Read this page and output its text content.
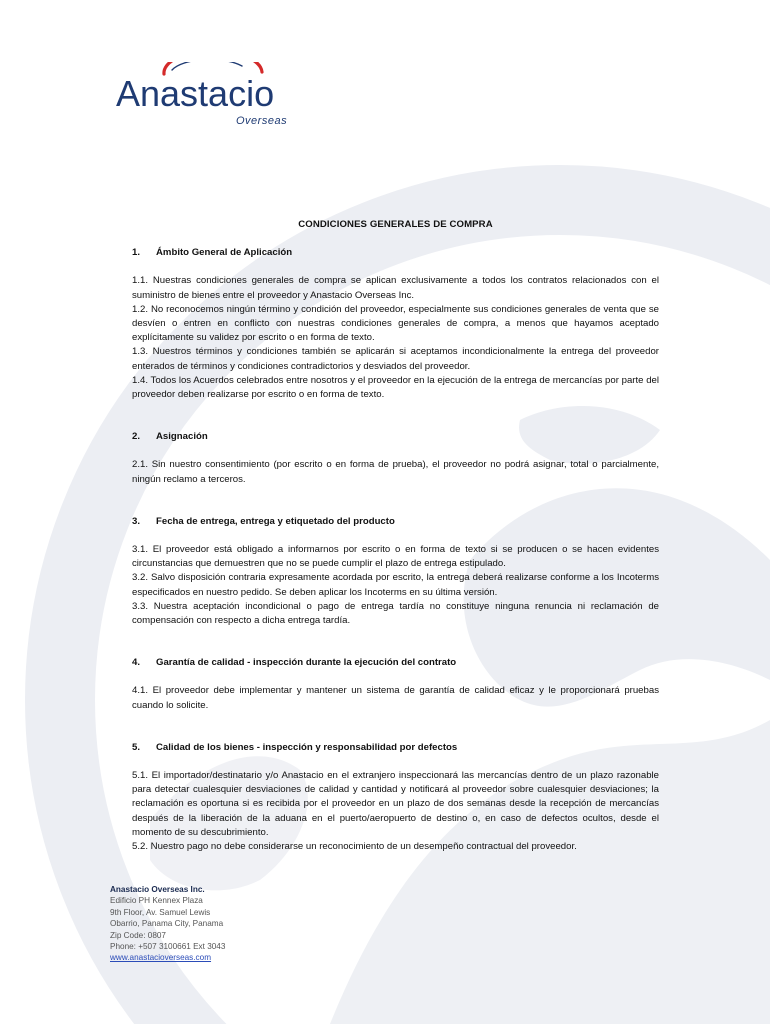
Anastacio
Overseas
CONDICIONES GENERALES DE COMPRA
1.	Ámbito General de Aplicación

1.1. Nuestras condiciones generales de compra se aplican exclusivamente a todos los contratos relacionados con el suministro de bienes entre el proveedor y Anastacio Overseas Inc.

1.2. No reconocemos ningún término y condición del proveedor, especialmente sus condiciones generales de venta que se desvíen o entren en conflicto con nuestras condiciones generales de compra, a menos que hayamos aceptado explícitamente su validez por escrito o en forma de texto.

1.3. Nuestros términos y condiciones también se aplicarán si aceptamos incondicionalmente la entrega del proveedor enterados de términos y condiciones contradictorios y desviados del proveedor.

1.4. Todos los Acuerdos celebrados entre nosotros y el proveedor en la ejecución de la entrega de mercancías por parte del proveedor deben realizarse por escrito o en forma de texto.

2.	Asignación

2.1. Sin nuestro consentimiento (por escrito o en forma de prueba), el proveedor no podrá asignar, total o parcialmente, ningún reclamo a terceros.

3.	Fecha de entrega, entrega y etiquetado del producto

3.1. El proveedor está obligado a informarnos por escrito o en forma de texto si se producen o se hacen evidentes circunstancias que demuestren que no se puede cumplir el plazo de entrega estipulado.

3.2. Salvo disposición contraria expresamente acordada por escrito, la entrega deberá realizarse conforme a los Incoterms especificados en nuestro pedido. Se deben aplicar los Incoterms en su última versión.

3.3. Nuestra aceptación incondicional o pago de entrega tardía no constituye ninguna renuncia ni reclamación de compensación con respecto a dicha entrega tardía.

4.	Garantía de calidad - inspección durante la ejecución del contrato

4.1. El proveedor debe implementar y mantener un sistema de garantía de calidad eficaz y le proporcionará pruebas cuando lo solicite.

5.	Calidad de los bienes - inspección y responsabilidad por defectos

5.1. El importador/destinatario y/o Anastacio en el extranjero inspeccionará las mercancías dentro de un plazo razonable para detectar cualesquier desviaciones de calidad y cantidad y notificará al proveedor sobre cualesquier desviaciones; la reclamación es oportuna si es recibida por el proveedor en un plazo de dos semanas desde la recepción de mercancías después de la liberación de la aduana en el puerto/aeropuerto de destino o, en caso de defectos ocultos, desde el momento de su descubrimiento.

5.2. Nuestro pago no debe considerarse un reconocimiento de un desempeño contractual del proveedor.

Anastacio Overseas Inc.
Edificio PH Kennex Plaza
9th Floor, Av. Samuel Lewis
Obarrio, Panama City, Panama
Zip Code: 0807
Phone: +507 3100661 Ext 3043
www.anastacioverseas.com
